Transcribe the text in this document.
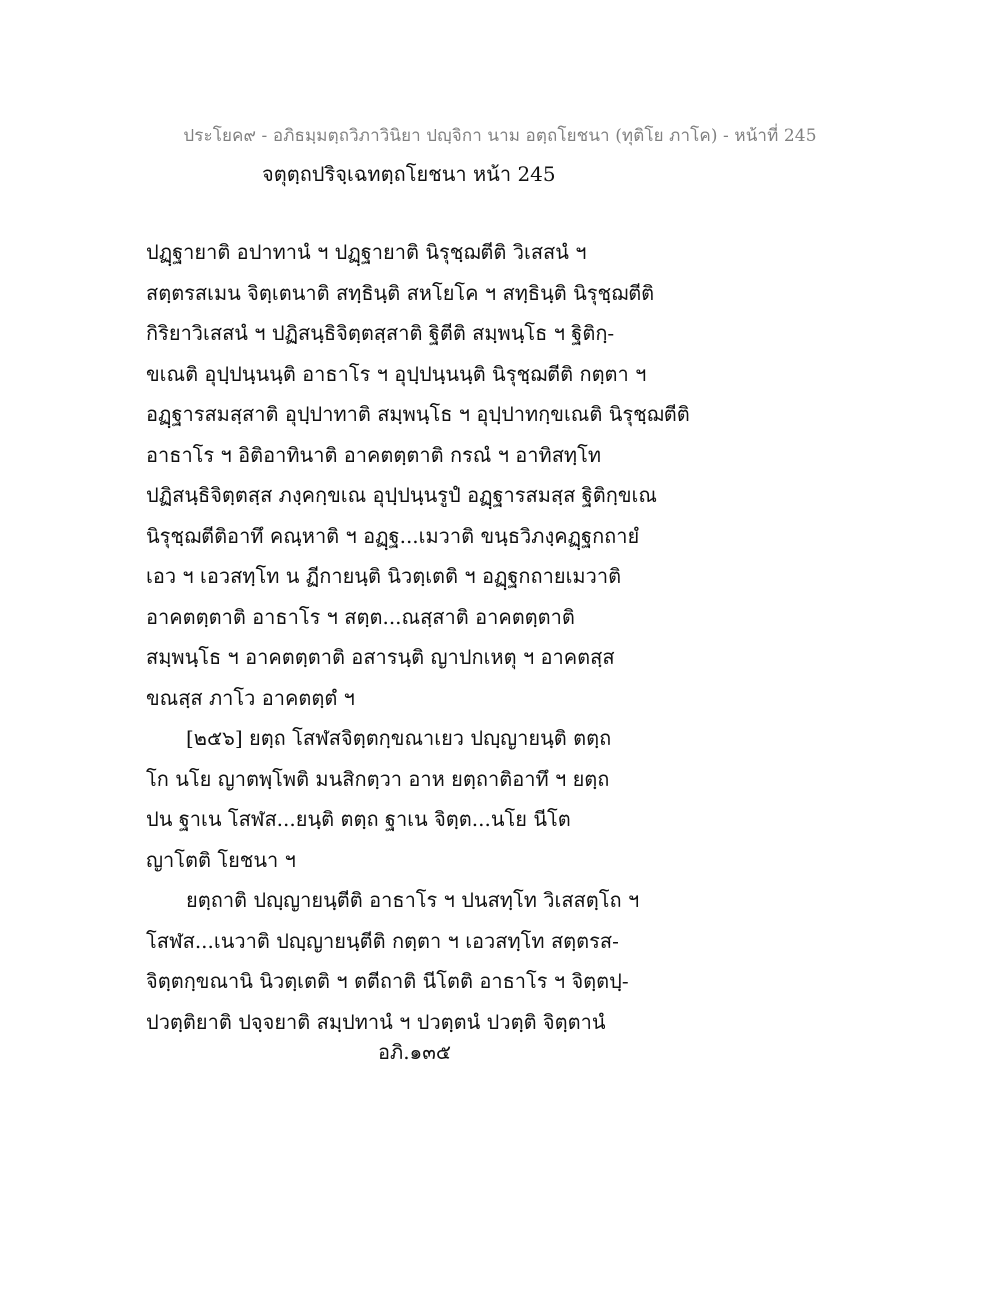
ประโยค๙ - อภิธมฺมตฺถวิภาวินิยา ปญฺจิกา นาม อตฺถโยชนา (ทุติโย ภาโค) - หน้าที่ 245
จตุตฺถปริจฺเฉทตฺถโยชนา หน้า 245
ปฏฺฐายาติ อปาทานํ ฯ ปฏฺฐายาติ นิรุชฺฌตีติ วิเสสนํ ฯ
สตฺตรสเมน จิตฺเตนาติ สทฺธินฺติ สหโยโค ฯ สทฺธินฺติ นิรุชฺฌตีติ
กิริยาวิเสสนํ ฯ ปฏิสนฺธิจิตฺตสฺสาติ ฐิตีติ สมฺพนฺโธ ฯ ฐิติกฺ-
ขเณติ อุปฺปนฺนนฺติ อาธาโร ฯ อุปฺปนฺนนฺติ นิรุชฺฌตีติ กตฺตา ฯ
อฏฺฐารสมสฺสาติ อุปฺปาทาติ สมฺพนฺโธ ฯ อุปฺปาทกฺขเณติ นิรุชฺฌตีติ
อาธาโร ฯ อิติอาทินาติ อาคตตฺตาติ กรณํ ฯ อาทิสทฺโท
ปฏิสนฺธิจิตฺตสฺส ภงฺคกฺขเณ อุปฺปนฺนรูปํ อฏฺฐารสมสฺส ฐิติกฺขเณ
นิรุชฺฌตีติอาทึ คณฺหาติ ฯ อฏฺฐ...เมวาติ ขนฺธวิภงฺคฏฺฐกถายํ
เอว ฯ เอวสทฺโท น ฏีกายนฺติ นิวตฺเตติ ฯ อฏฺฐกถายเมวาติ
อาคตตฺตาติ อาธาโร ฯ สตฺต...ณสฺสาติ อาคตตฺตาติ
สมฺพนฺโธ ฯ อาคตตฺตาติ อสารนฺติ ญาปกเหตุ ฯ อาคตสฺส
ขณสฺส ภาโว อาคตตฺตํ ฯ
[๒๕๖] ยตฺถ โสฬสจิตฺตกฺขณาเยว ปญฺญายนฺติ ตตฺถ
โก นโย ญาตพฺโพติ มนสิกตฺวา อาห ยตฺถาติอาทึ ฯ ยตฺถ
ปน ฐาเน โสฬส...ยนฺติ ตตฺถ ฐาเน จิตฺต...นโย นีโต
ญาโตติ โยชนา ฯ
ยตฺถาติ ปญฺญายนฺตีติ อาธาโร ฯ ปนสทฺโท วิเสสตฺโถ ฯ
โสฬส...เนวาติ ปญฺญายนฺตีติ กตฺตา ฯ เอวสทฺโท สตฺตรส-
จิตฺตกฺขณานิ นิวตฺเตติ ฯ ตตีถาติ นีโตติ อาธาโร ฯ จิตฺตปฺ-
ปวตฺติยาติ ปจฺจยาติ สมฺปทานํ ฯ ปวตฺตนํ ปวตฺติ จิตฺตานํ
อภิ.๑๓๕
